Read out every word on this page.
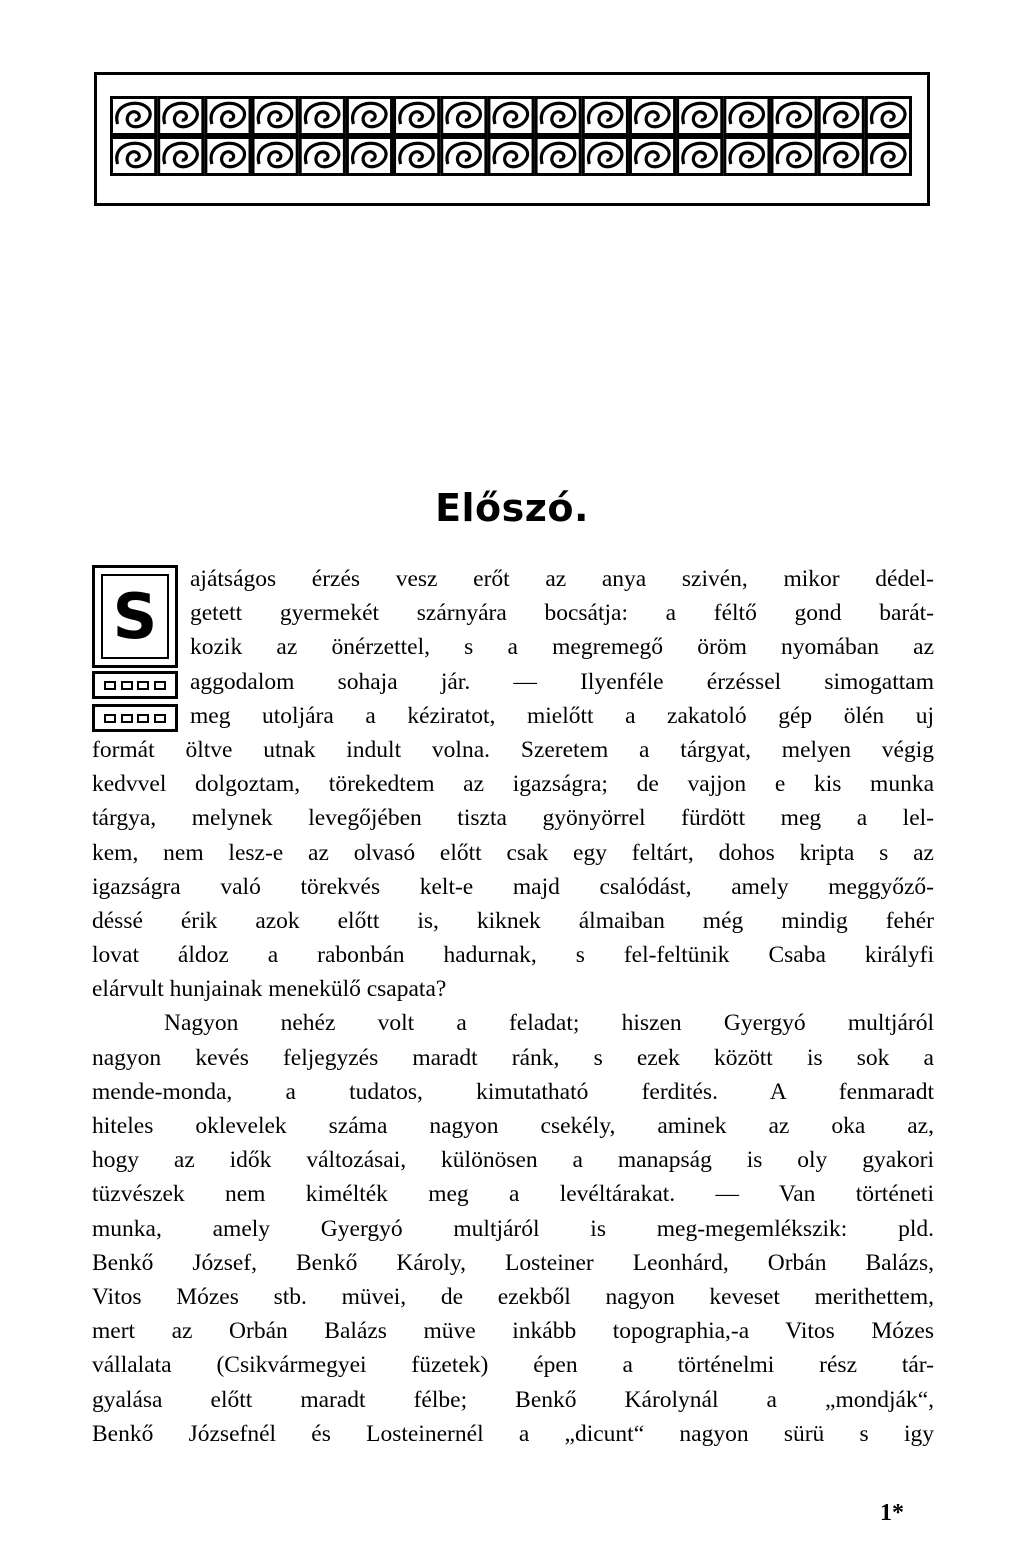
Előszó.
S
ajátságos érzés vesz erőt az anya szivén, mikor dédel-
getett gyermekét szárnyára bocsátja: a féltő gond barát-
kozik az önérzettel, s a megremegő öröm nyomában az
aggodalom sohaja jár. — Ilyenféle érzéssel simogattam
meg utoljára a kéziratot, mielőtt a zakatoló gép ölén uj
formát öltve utnak indult volna. Szeretem a tárgyat, melyen végig
kedvvel dolgoztam, törekedtem az igazságra; de vajjon e kis munka
tárgya, melynek levegőjében tiszta gyönyörrel fürdött meg a lel-
kem, nem lesz-e az olvasó előtt csak egy feltárt, dohos kripta s az
igazságra való törekvés kelt-e majd csalódást, amely meggyőző-
déssé érik azok előtt is, kiknek álmaiban még mindig fehér
lovat áldoz a rabonbán hadurnak, s fel-feltünik Csaba királyfi
elárvult hunjainak menekülő csapata?
Nagyon nehéz volt a feladat; hiszen Gyergyó multjáról
nagyon kevés feljegyzés maradt ránk, s ezek között is sok a
mende-monda, a tudatos, kimutatható ferdités. A fenmaradt
hiteles oklevelek száma nagyon csekély, aminek az oka az,
hogy az idők változásai, különösen a manapság is oly gyakori
tüzvészek nem kimélték meg a levéltárakat. — Van történeti
munka, amely Gyergyó multjáról is meg-megemlékszik: pld.
Benkő József, Benkő Károly, Losteiner Leonhárd, Orbán Balázs,
Vitos Mózes stb. müvei, de ezekből nagyon keveset merithettem,
mert az Orbán Balázs müve inkább topographia,-a Vitos Mózes
vállalata (Csikvármegyei füzetek) épen a történelmi rész tár-
gyalása előtt maradt félbe; Benkő Károlynál a „mondják“,
Benkő Józsefnél és Losteinernél a „dicunt“ nagyon sürü s igy
1*
